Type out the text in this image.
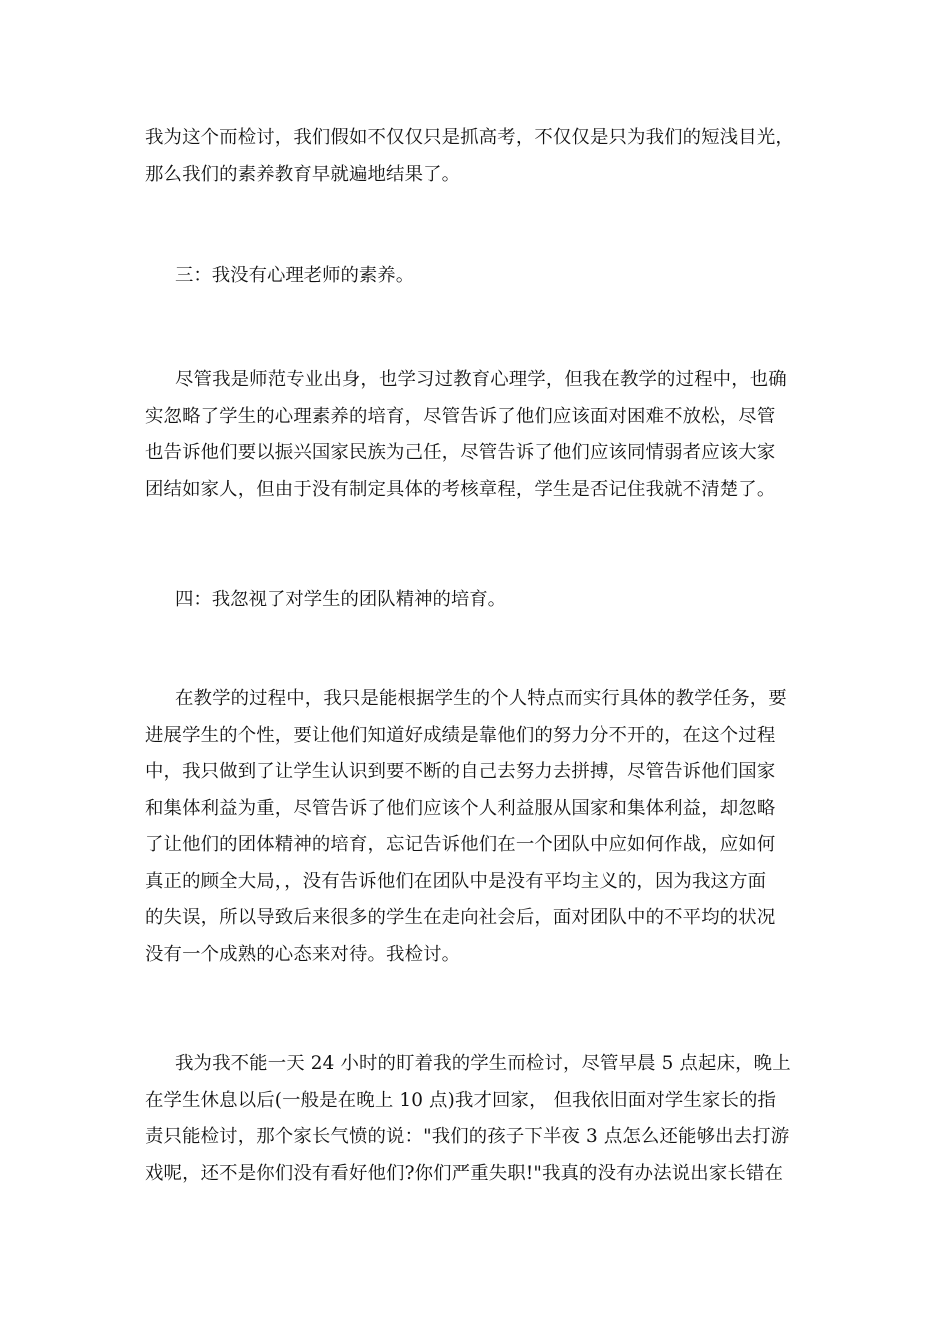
我为这个而检讨，我们假如不仅仅只是抓高考，不仅仅是只为我们的短浅目光，
那么我们的素养教育早就遍地结果了。

三：我没有心理老师的素养。

尽管我是师范专业出身，也学习过教育心理学，但我在教学的过程中，也确
实忽略了学生的心理素养的培育，尽管告诉了他们应该面对困难不放松，尽管
也告诉他们要以振兴国家民族为己任，尽管告诉了他们应该同情弱者应该大家
团结如家人，但由于没有制定具体的考核章程，学生是否记住我就不清楚了。

四：我忽视了对学生的团队精神的培育。

在教学的过程中，我只是能根据学生的个人特点而实行具体的教学任务，要
进展学生的个性，要让他们知道好成绩是靠他们的努力分不开的，在这个过程
中，我只做到了让学生认识到要不断的自己去努力去拼搏，尽管告诉他们国家
和集体利益为重，尽管告诉了他们应该个人利益服从国家和集体利益，却忽略
了让他们的团体精神的培育，忘记告诉他们在一个团队中应如何作战，应如何
真正的顾全大局，，没有告诉他们在团队中是没有平均主义的，因为我这方面
的失误，所以导致后来很多的学生在走向社会后，面对团队中的不平均的状况
没有一个成熟的心态来对待。我检讨。

我为我不能一天 24 小时的盯着我的学生而检讨，尽管早晨 5 点起床，晚上
在学生休息以后(一般是在晚上 10 点)我才回家， 但我依旧面对学生家长的指
责只能检讨，那个家长气愤的说："我们的孩子下半夜 3 点怎么还能够出去打游
戏呢，还不是你们没有看好他们?你们严重失职!"我真的没有办法说出家长错在
